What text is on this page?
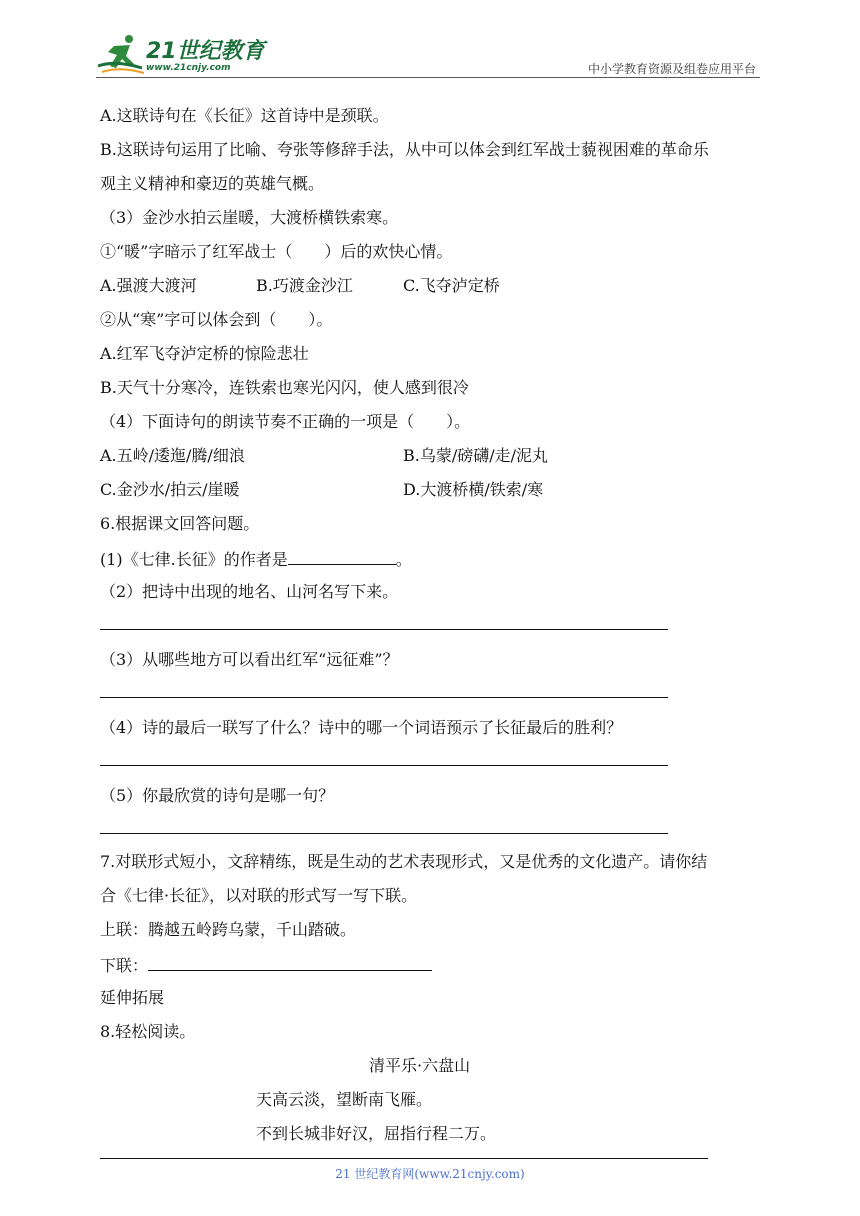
21世纪教育
www.21cnjy.com	中小学教育资源及组卷应用平台
A.这联诗句在《长征》这首诗中是颈联。
B.这联诗句运用了比喻、夸张等修辞手法，从中可以体会到红军战士藐视困难的革命乐
观主义精神和豪迈的英雄气概。
（3）金沙水拍云崖暖，大渡桥横铁索寒。
①“暖”字暗示了红军战士（　　）后的欢快心情。
A.强渡大渡河	B.巧渡金沙江	C.飞夺泸定桥
②从“寒”字可以体会到（　　）。
A.红军飞夺泸定桥的惊险悲壮
B.天气十分寒冷，连铁索也寒光闪闪，使人感到很冷
（4）下面诗句的朗读节奏不正确的一项是（　　）。
A.五岭/逶迤/腾/细浪	B.乌蒙/磅礴/走/泥丸
C.金沙水/拍云/崖暖	D.大渡桥横/铁索/寒
6.根据课文回答问题。
(1)《七律.长征》的作者是	。
（2）把诗中出现的地名、山河名写下来。
（3）从哪些地方可以看出红军“远征难”？
（4）诗的最后一联写了什么？诗中的哪一个词语预示了长征最后的胜利？
（5）你最欣赏的诗句是哪一句？
7.对联形式短小，文辞精练，既是生动的艺术表现形式，又是优秀的文化遗产。请你结
合《七律·长征》，以对联的形式写一写下联。
上联：腾越五岭跨乌蒙，千山踏破。
下联：
延伸拓展
8.轻松阅读。
清平乐·六盘山
天高云淡，望断南飞雁。
不到长城非好汉，屈指行程二万。
21 世纪教育网(www.21cnjy.com)
